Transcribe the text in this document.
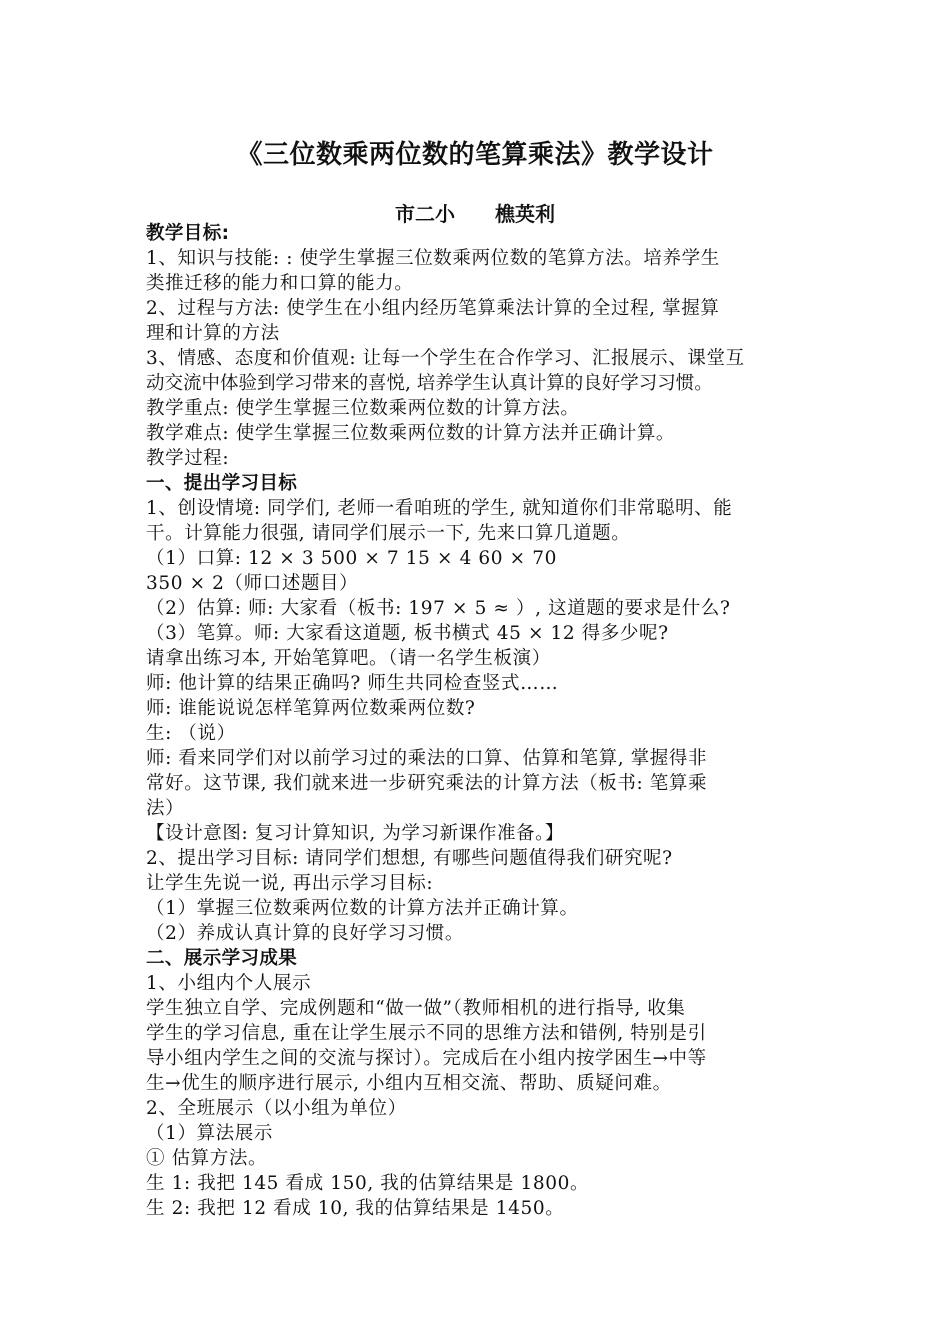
《三位数乘两位数的笔算乘法》教学设计
市二小 樵英利
教学目标:
1、知识与技能: : 使学生掌握三位数乘两位数的笔算方法。培养学生
类推迁移的能力和口算的能力。
2、过程与方法: 使学生在小组内经历笔算乘法计算的全过程, 掌握算
理和计算的方法
3、情感、态度和价值观: 让每一个学生在合作学习、汇报展示、课堂互
动交流中体验到学习带来的喜悦, 培养学生认真计算的良好学习习惯。
教学重点: 使学生掌握三位数乘两位数的计算方法。
教学难点: 使学生掌握三位数乘两位数的计算方法并正确计算。
教学过程:
一、提出学习目标
1、创设情境: 同学们, 老师一看咱班的学生, 就知道你们非常聪明、能
干。计算能力很强, 请同学们展示一下, 先来口算几道题。
（1）口算: 12 × 3 500 × 7 15 × 4 60 × 70
350 × 2（师口述题目）
（2）估算: 师: 大家看（板书: 197 × 5 ≈ ）, 这道题的要求是什么?
（3）笔算。师: 大家看这道题, 板书横式 45 × 12 得多少呢?
请拿出练习本, 开始笔算吧。（请一名学生板演）
师: 他计算的结果正确吗? 师生共同检查竖式……
师: 谁能说说怎样笔算两位数乘两位数?
生: （说）
师: 看来同学们对以前学习过的乘法的口算、估算和笔算, 掌握得非
常好。这节课, 我们就来进一步研究乘法的计算方法（板书: 笔算乘
法）
【设计意图: 复习计算知识, 为学习新课作准备。】
2、提出学习目标: 请同学们想想, 有哪些问题值得我们研究呢?
让学生先说一说, 再出示学习目标:
（1）掌握三位数乘两位数的计算方法并正确计算。
（2）养成认真计算的良好学习习惯。
二、展示学习成果
1、小组内个人展示
学生独立自学、完成例题和“做一做”（教师相机的进行指导, 收集
学生的学习信息, 重在让学生展示不同的思维方法和错例, 特别是引
导小组内学生之间的交流与探讨）。完成后在小组内按学困生→中等
生→优生的顺序进行展示, 小组内互相交流、帮助、质疑问难。
2、全班展示（以小组为单位）
（1）算法展示
① 估算方法。
生 1: 我把 145 看成 150, 我的估算结果是 1800。
生 2: 我把 12 看成 10, 我的估算结果是 1450。
